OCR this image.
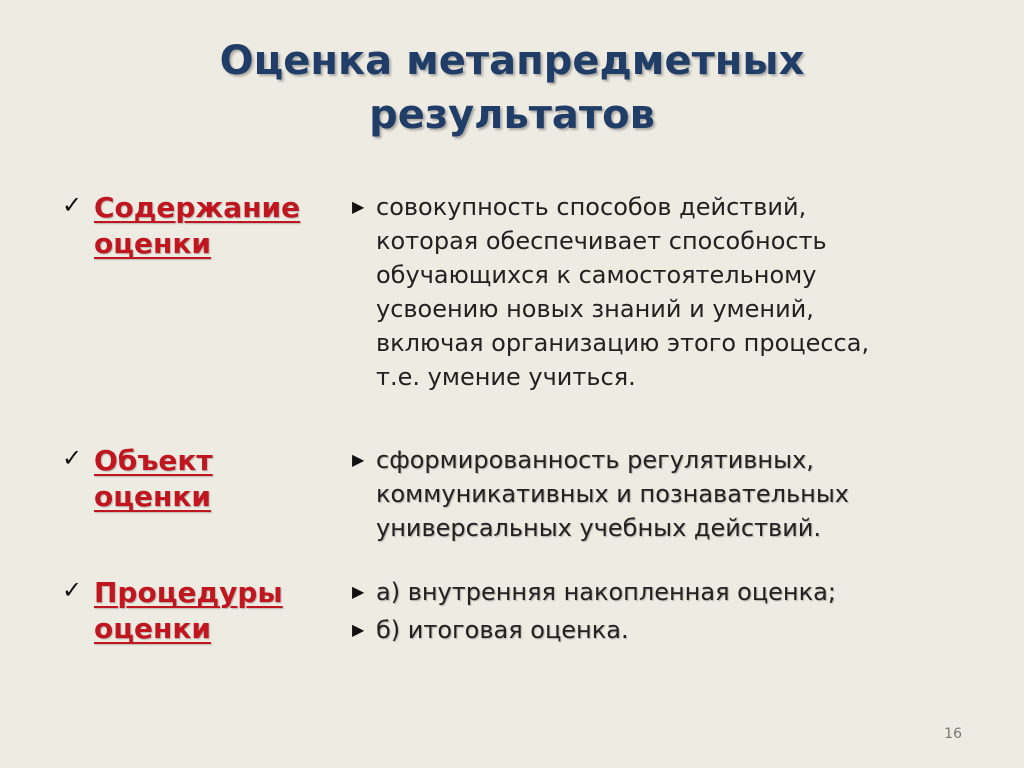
Оценка метапредметных
результатов
✓ Содержание
оценки
▶ совокупность способов действий,
которая обеспечивает способность
обучающихся к самостоятельному
усвоению новых знаний и умений,
включая организацию этого процесса,
т.е. умение учиться.
✓ Объект
оценки
▶ сформированность регулятивных,
коммуникативных и познавательных
универсальных учебных действий.
✓ Процедуры
оценки
▶ а) внутренняя накопленная оценка;
▶ б) итоговая оценка.
16
